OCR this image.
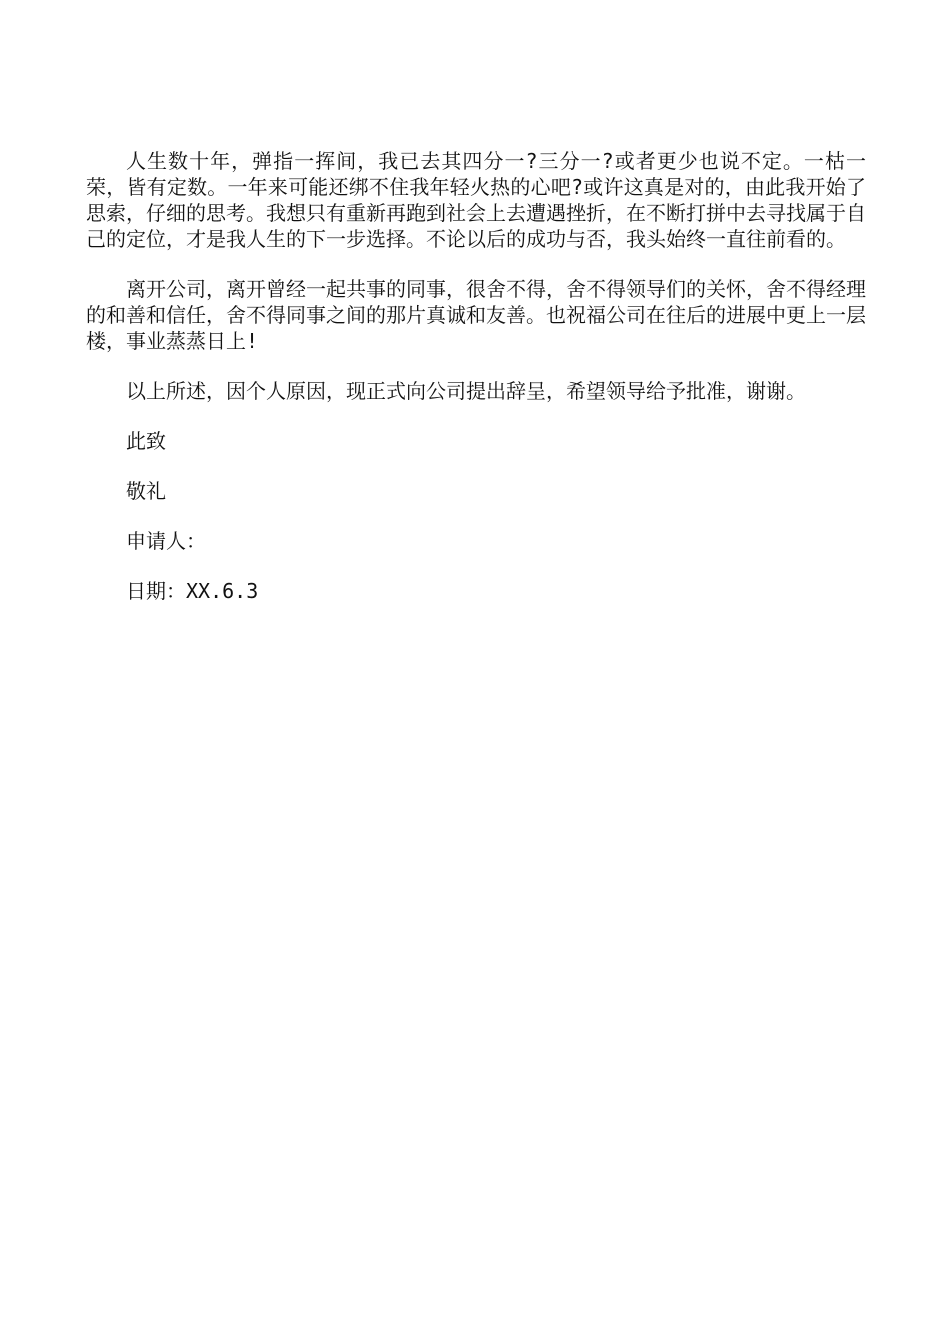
人生数十年，弹指一挥间，我已去其四分一?三分一?或者更少也说不定。一枯一荣，皆有定数。一年来可能还绑不住我年轻火热的心吧?或许这真是对的，由此我开始了思索，仔细的思考。我想只有重新再跑到社会上去遭遇挫折，在不断打拼中去寻找属于自己的定位，才是我人生的下一步选择。不论以后的成功与否，我头始终一直往前看的。

离开公司，离开曾经一起共事的同事，很舍不得，舍不得领导们的关怀，舍不得经理的和善和信任，舍不得同事之间的那片真诚和友善。也祝福公司在往后的进展中更上一层楼，事业蒸蒸日上!

以上所述，因个人原因，现正式向公司提出辞呈，希望领导给予批准，谢谢。

此致

敬礼

申请人：

日期：XX.6.3
